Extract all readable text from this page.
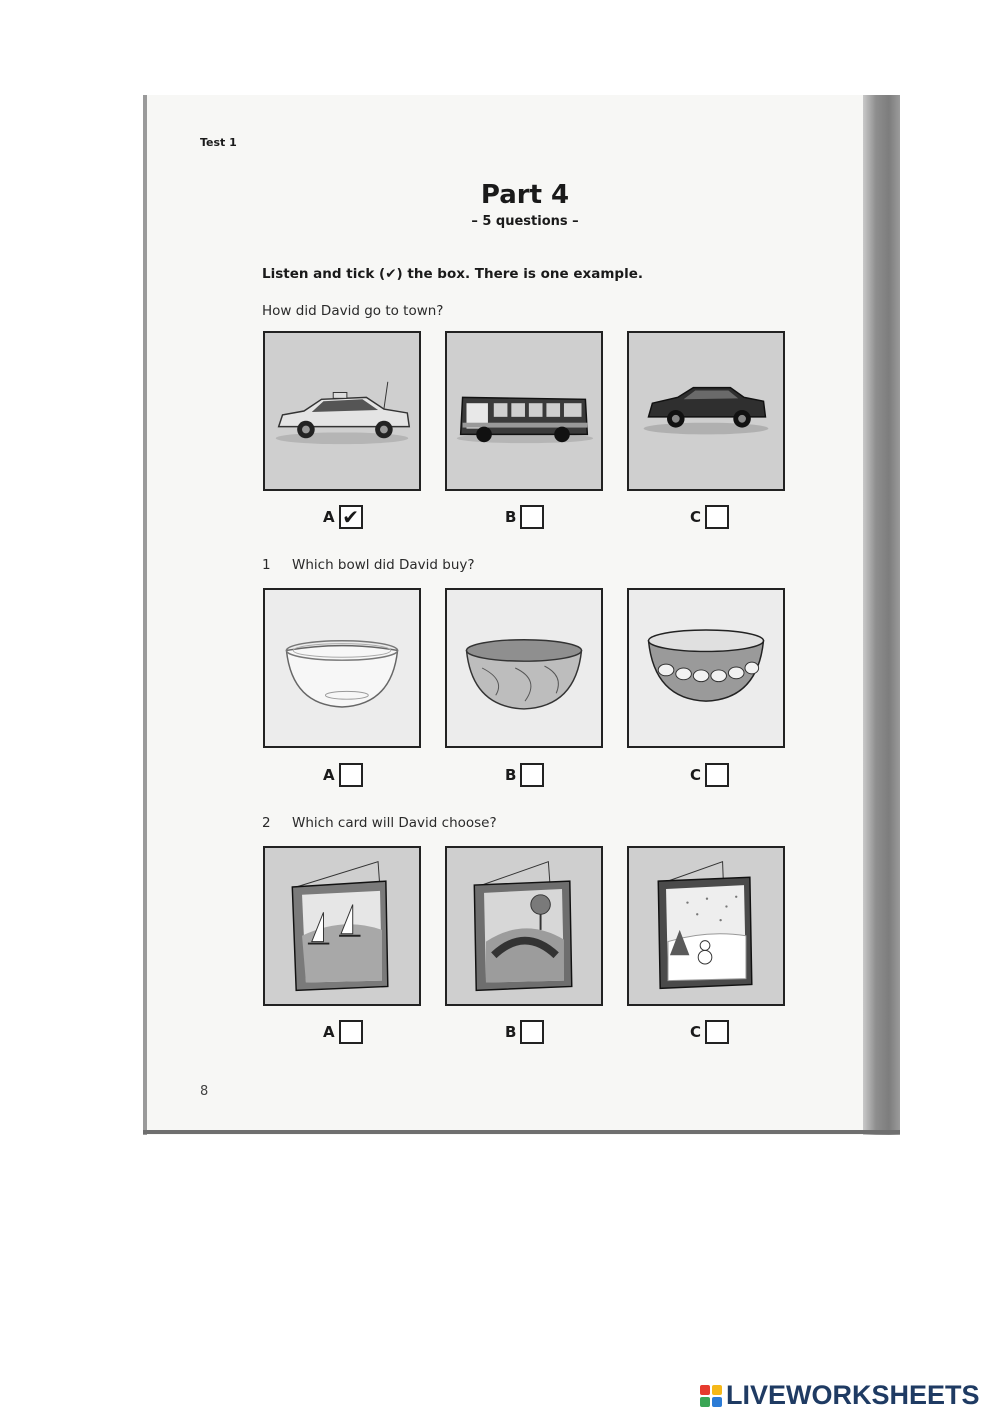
Test 1
Part 4
– 5 questions –
Listen and tick (✔) the box. There is one example.
How did David go to town?
A ✔	B	C
1 Which bowl did David buy?
A	B	C
2 Which card will David choose?
A	B	C
8
LIVEWORKSHEETS
